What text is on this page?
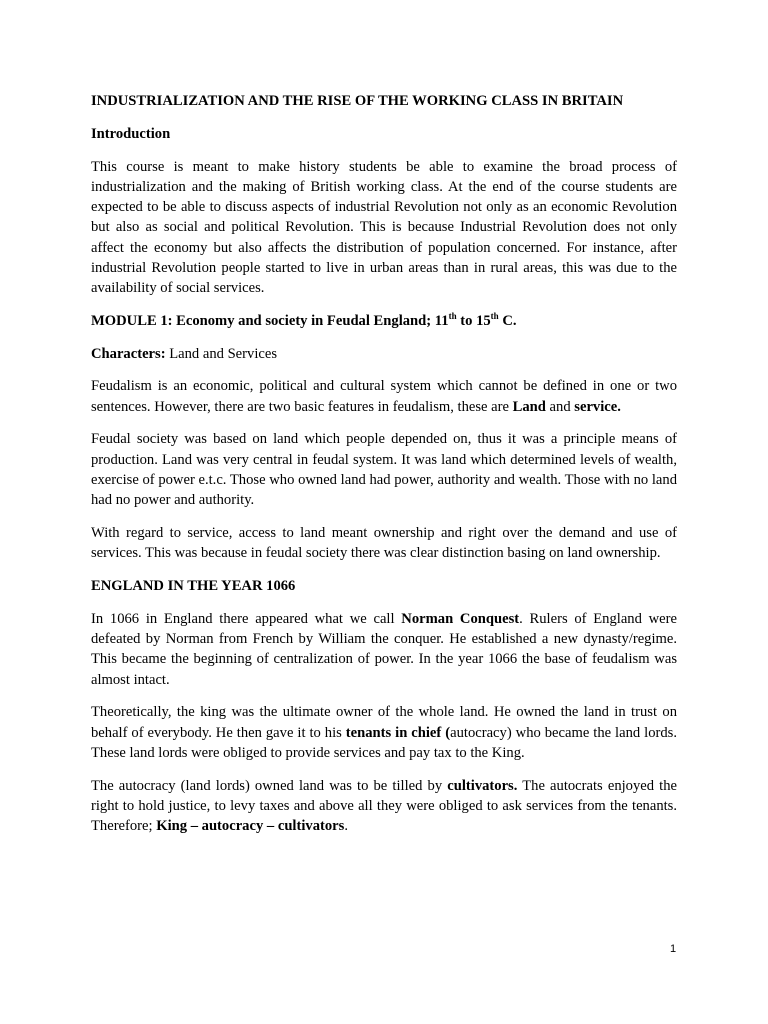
INDUSTRIALIZATION AND THE RISE OF THE WORKING CLASS IN BRITAIN

Introduction

This course is meant to make history students be able to examine the broad process of industrialization and the making of British working class. At the end of the course students are expected to be able to discuss aspects of industrial Revolution not only as an economic Revolution but also as social and political Revolution. This is because Industrial Revolution does not only affect the economy but also affects the distribution of population concerned. For instance, after industrial Revolution people started to live in urban areas than in rural areas, this was due to the availability of social services.

MODULE 1: Economy and society in Feudal England; 11th to 15th C.

Characters: Land and Services

Feudalism is an economic, political and cultural system which cannot be defined in one or two sentences. However, there are two basic features in feudalism, these are Land and service.

Feudal society was based on land which people depended on, thus it was a principle means of production. Land was very central in feudal system. It was land which determined levels of wealth, exercise of power e.t.c. Those who owned land had power, authority and wealth. Those with no land had no power and authority.

With regard to service, access to land meant ownership and right over the demand and use of services. This was because in feudal society there was clear distinction basing on land ownership.

ENGLAND IN THE YEAR 1066

In 1066 in England there appeared what we call Norman Conquest. Rulers of England were defeated by Norman from French by William the conquer. He established a new dynasty/regime. This became the beginning of centralization of power. In the year 1066 the base of feudalism was almost intact.

Theoretically, the king was the ultimate owner of the whole land. He owned the land in trust on behalf of everybody. He then gave it to his tenants in chief (autocracy) who became the land lords. These land lords were obliged to provide services and pay tax to the King.

The autocracy (land lords) owned land was to be tilled by cultivators. The autocrats enjoyed the right to hold justice, to levy taxes and above all they were obliged to ask services from the tenants. Therefore; King – autocracy – cultivators.

1
